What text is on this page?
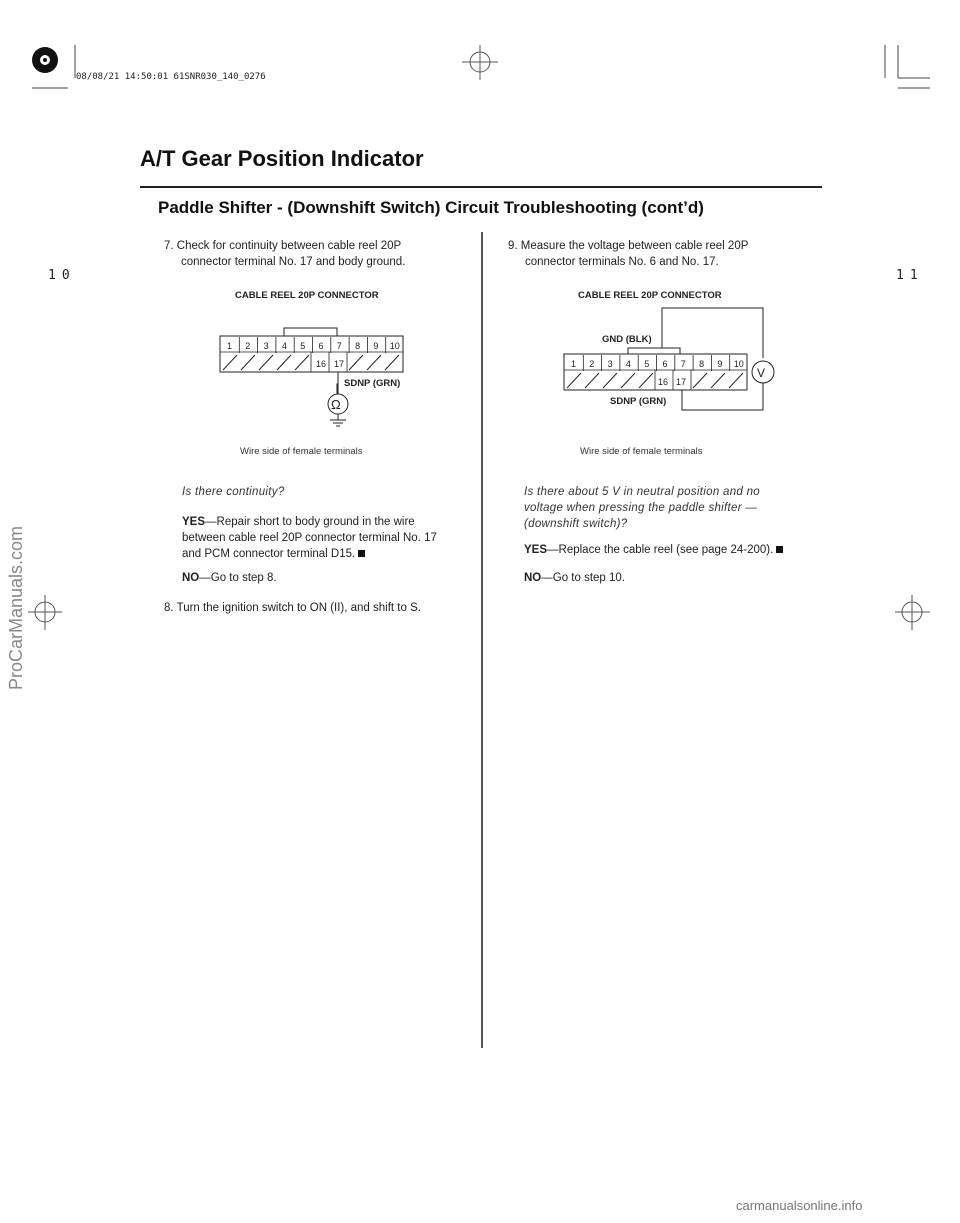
08/08/21 14:50:01 61SNR030_140_0276
10	11
A/T Gear Position Indicator
Paddle Shifter - (Downshift Switch) Circuit Troubleshooting (cont’d)
7. Check for continuity between cable reel 20P
connector terminal No. 17 and body ground.
CABLE REEL 20P CONNECTOR
1 2 3 4 5 6 7 8 9 10
16 17
Ω
SDNP (GRN)
Wire side of female terminals
Is there continuity?
YES—Repair short to body ground in the wire
between cable reel 20P connector terminal No. 17
and PCM connector terminal D15.
NO—Go to step 8.
8. Turn the ignition switch to ON (II), and shift to S.
9. Measure the voltage between cable reel 20P
connector terminals No. 6 and No. 17.
CABLE REEL 20P CONNECTOR
GND (BLK)
1 2 3 4 5 6 7 8 9 10
16 17
V
SDNP (GRN)
Wire side of female terminals
Is there about 5 V in neutral position and no
voltage when pressing the paddle shifter —
(downshift switch)?
YES—Replace the cable reel (see page 24-200).
NO—Go to step 10.
ProCarManuals.com
carmanualsonline.info
